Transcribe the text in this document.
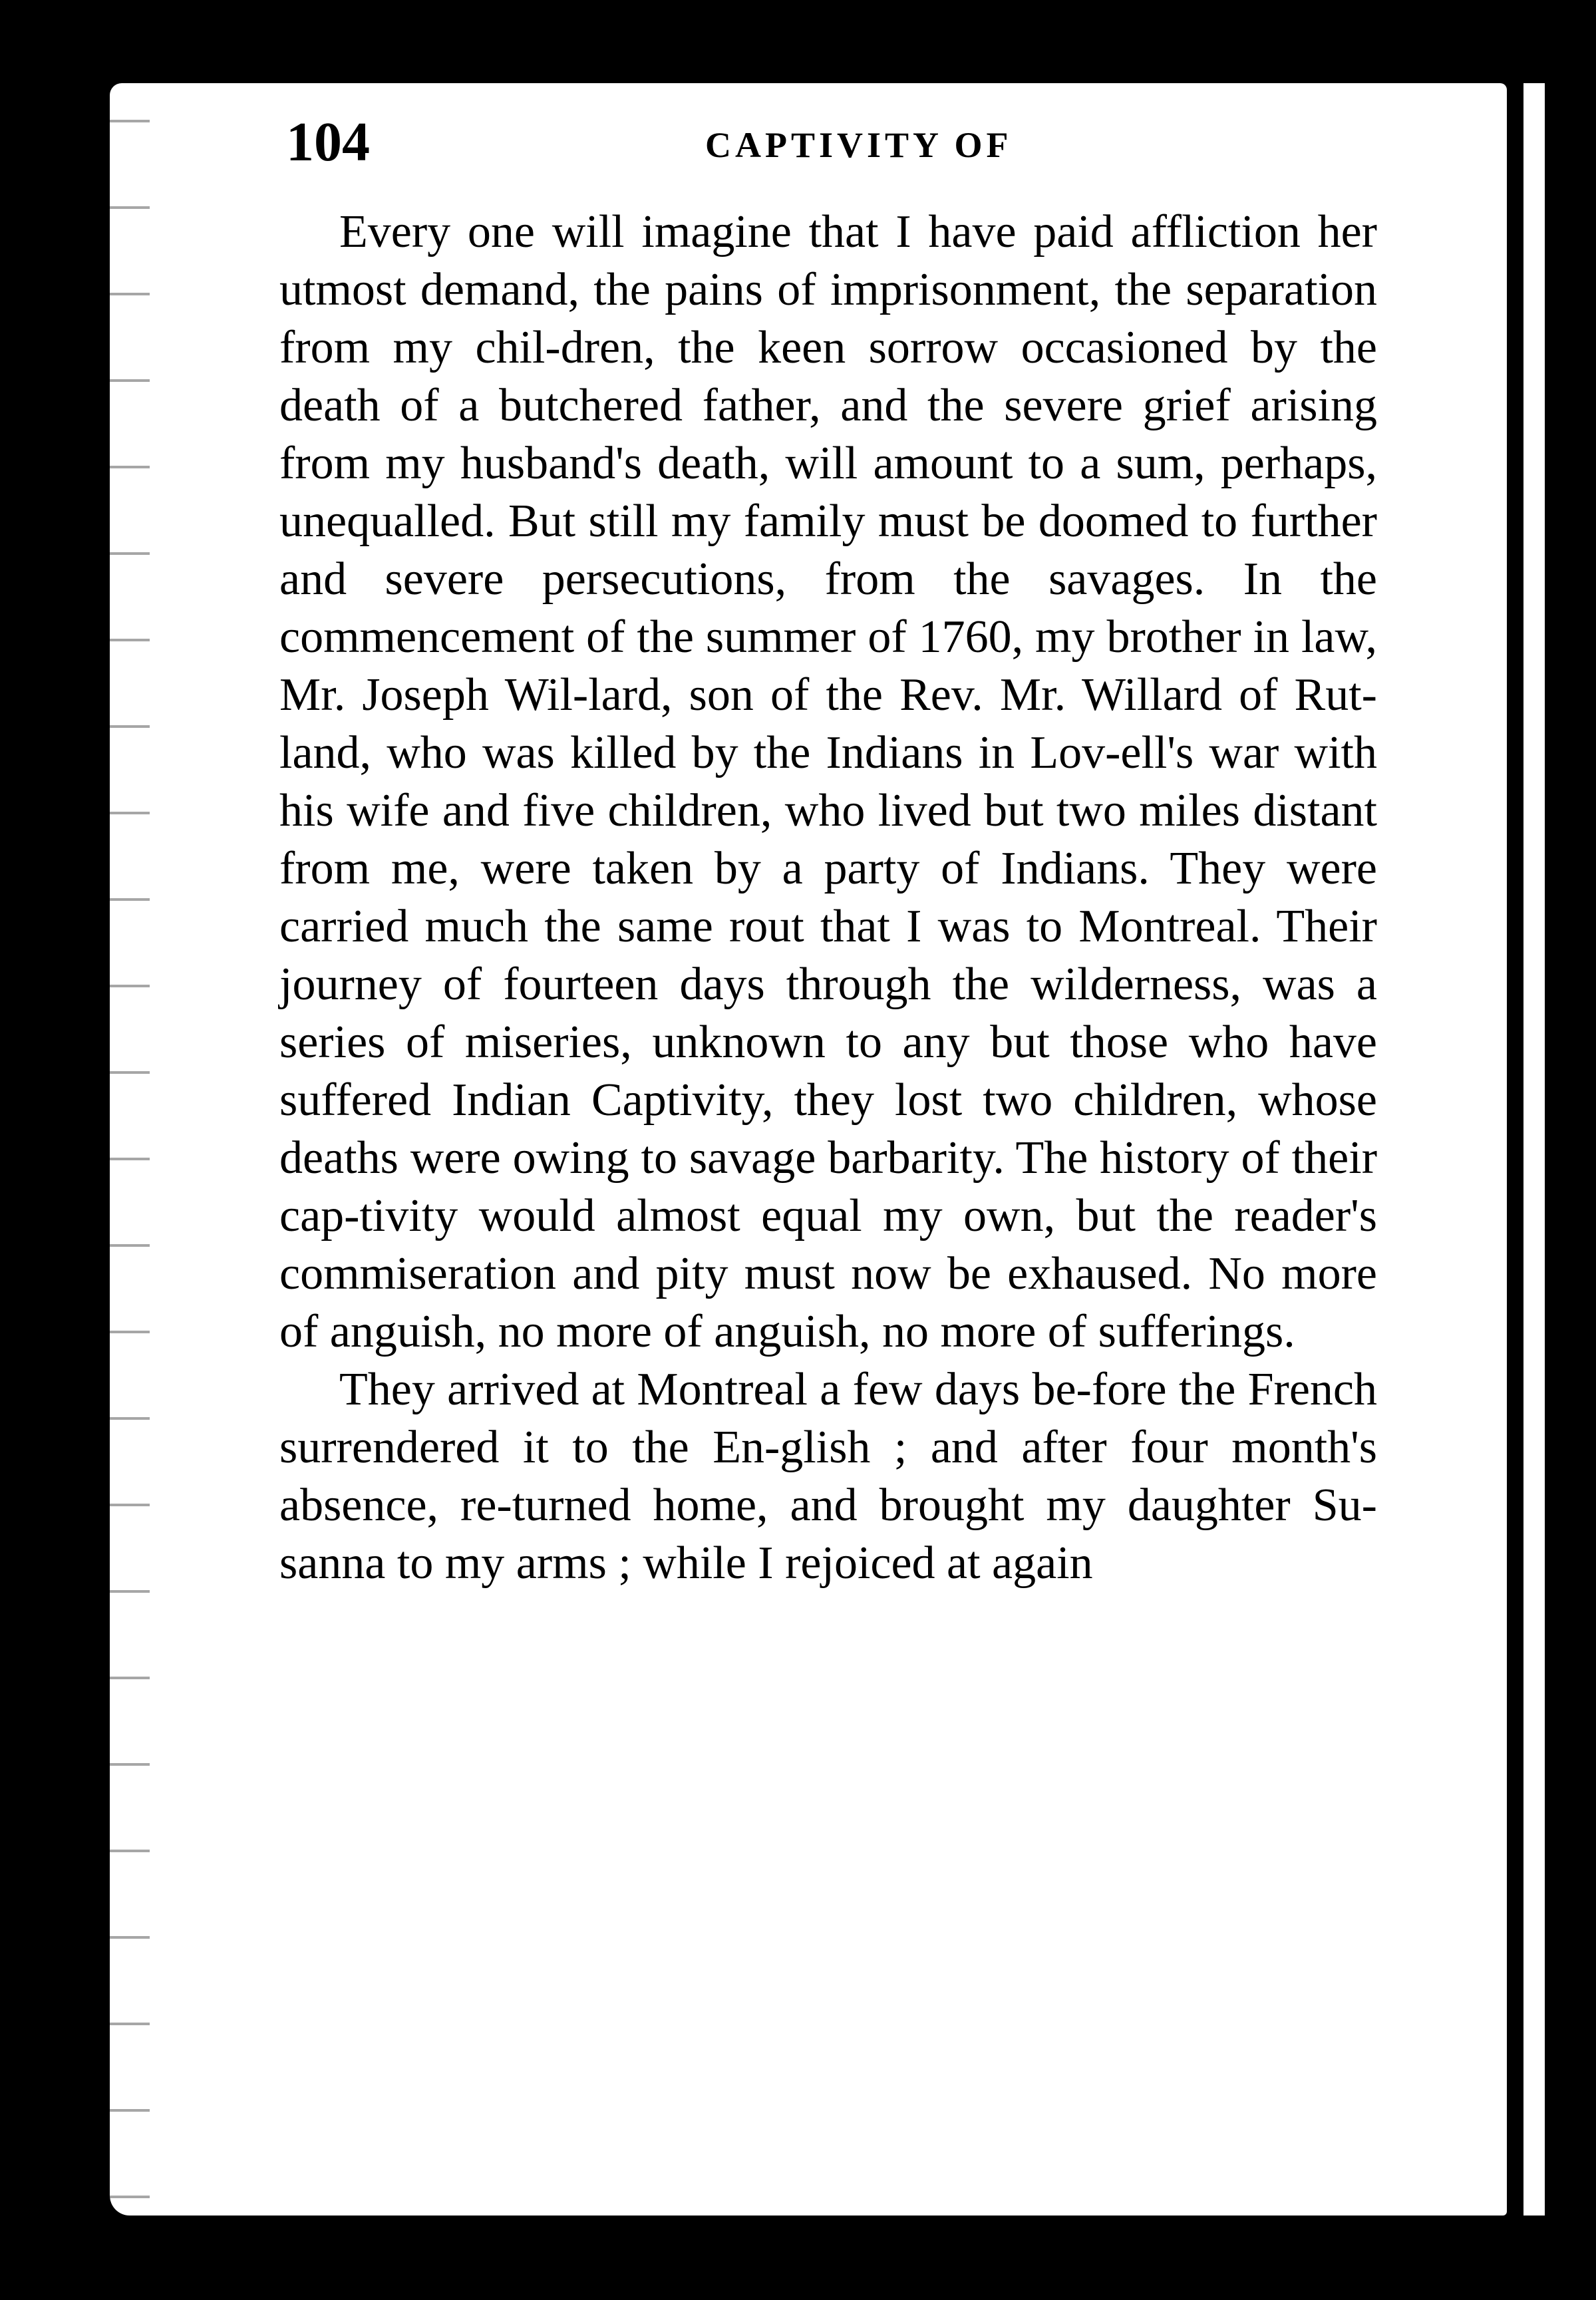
104	CAPTIVITY OF

Every one will imagine that I have paid affliction her utmost demand, the pains of imprisonment, the separation from my chil-dren, the keen sorrow occasioned by the death of a butchered father, and the severe grief arising from my husband's death, will amount to a sum, perhaps, unequalled. But still my family must be doomed to further and severe persecutions, from the savages. In the commencement of the summer of 1760, my brother in law, Mr. Joseph Wil-lard, son of the Rev. Mr. Willard of Rut-land, who was killed by the Indians in Lov-ell's war with his wife and five children, who lived but two miles distant from me, were taken by a party of Indians. They were carried much the same rout that I was to Montreal. Their journey of fourteen days through the wilderness, was a series of miseries, unknown to any but those who have suffered Indian Captivity, they lost two children, whose deaths were owing to savage barbarity. The history of their cap-tivity would almost equal my own, but the reader's commiseration and pity must now be exhaused. No more of anguish, no more of anguish, no more of sufferings.

They arrived at Montreal a few days be-fore the French surrendered it to the En-glish ; and after four month's absence, re-turned home, and brought my daughter Su-sanna to my arms ; while I rejoiced at again
